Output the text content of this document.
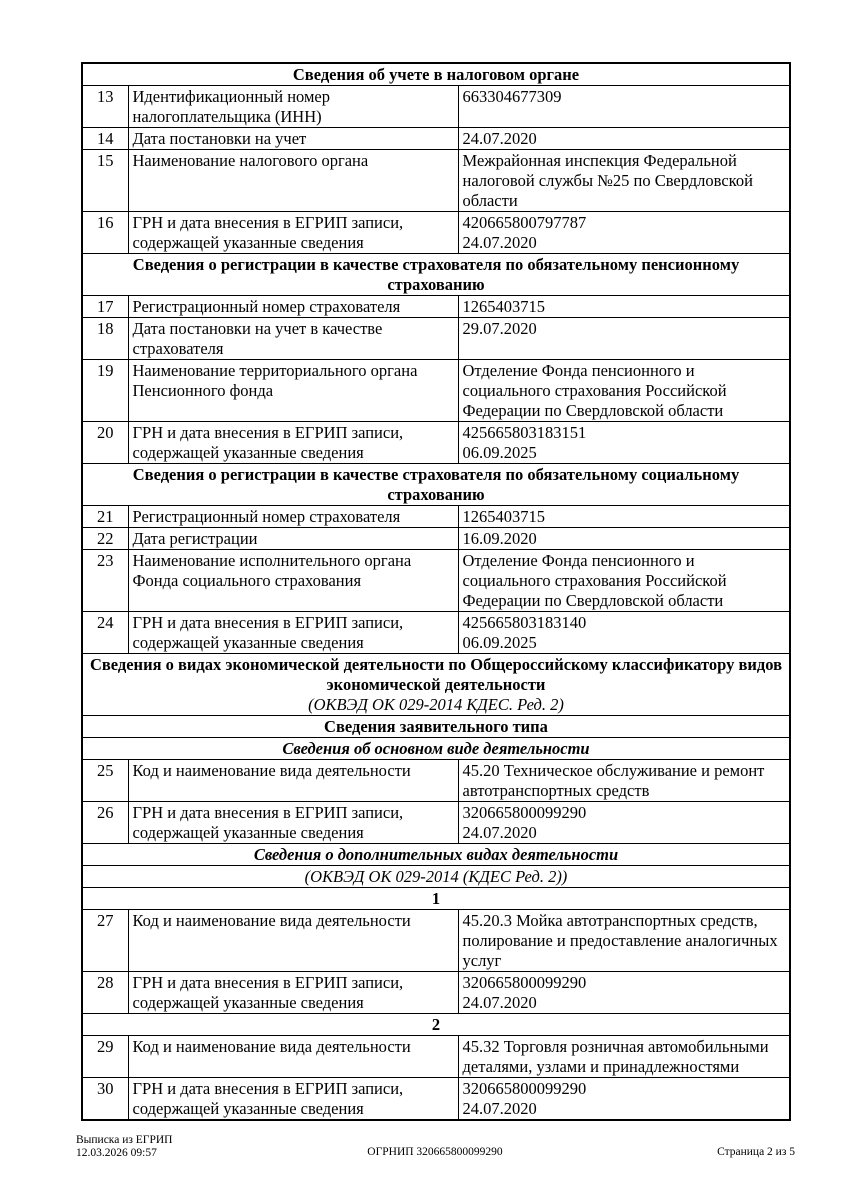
Сведения об учете в налоговом органе		

13	Идентификационный номер налогоплательщика (ИНН)	663304677309

14	Дата постановки на учет	24.07.2020

15	Наименование налогового органа	Межрайонная инспекция Федеральной налоговой службы №25 по Свердловской области

16	ГРН и дата внесения в ЕГРИП записи, содержащей указанные сведения	420665800797787
24.07.2020

Сведения о регистрации в качестве страхователя по обязательному пенсионному страхованию		

17	Регистрационный номер страхователя	1265403715

18	Дата постановки на учет в качестве страхователя	29.07.2020

19	Наименование территориального органа Пенсионного фонда	Отделение Фонда пенсионного и социального страхования Российской Федерации по Свердловской области

20	ГРН и дата внесения в ЕГРИП записи, содержащей указанные сведения	425665803183151
06.09.2025

Сведения о регистрации в качестве страхователя по обязательному социальному страхованию		

21	Регистрационный номер страхователя	1265403715

22	Дата регистрации	16.09.2020

23	Наименование исполнительного органа Фонда социального страхования	Отделение Фонда пенсионного и социального страхования Российской Федерации по Свердловской области

24	ГРН и дата внесения в ЕГРИП записи, содержащей указанные сведения	425665803183140
06.09.2025

Сведения о видах экономической деятельности по Общероссийскому классификатору видов экономической деятельности
(ОКВЭД ОК 029-2014 КДЕС. Ред. 2)		

Сведения заявительного типа		

Сведения об основном виде деятельности		

25	Код и наименование вида деятельности	45.20 Техническое обслуживание и ремонт автотранспортных средств

26	ГРН и дата внесения в ЕГРИП записи, содержащей указанные сведения	320665800099290
24.07.2020

Сведения о дополнительных видах деятельности		

(ОКВЭД ОК 029-2014 (КДЕС Ред. 2))		

1		

27	Код и наименование вида деятельности	45.20.3 Мойка автотранспортных средств, полирование и предоставление аналогичных услуг

28	ГРН и дата внесения в ЕГРИП записи, содержащей указанные сведения	320665800099290
24.07.2020

2		

29	Код и наименование вида деятельности	45.32 Торговля розничная автомобильными деталями, узлами и принадлежностями

30	ГРН и дата внесения в ЕГРИП записи, содержащей указанные сведения	320665800099290
24.07.2020
Выписка из ЕГРИП
12.03.2026 09:57	ОГРНИП 320665800099290	Страница 2 из 5
